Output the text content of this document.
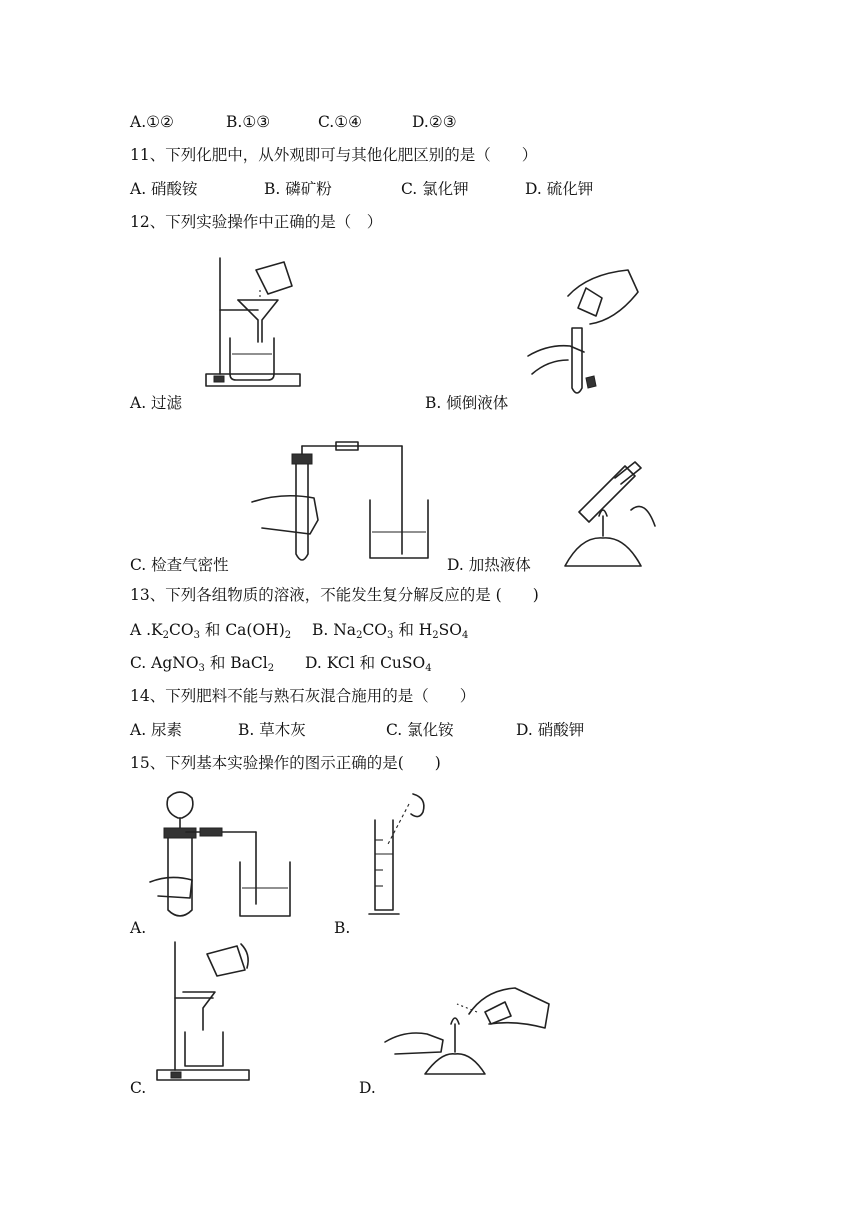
A.①②	B.①③	C.①④	D.②③
11、下列化肥中，从外观即可与其他化肥区别的是（　　）
A. 硝酸铵	B. 磷矿粉	C. 氯化钾	D. 硫化钾
12、下列实验操作中正确的是（　）
A. 过滤	B. 倾倒液体
C. 检查气密性	D. 加热液体
13、下列各组物质的溶液，不能发生复分解反应的是 (　　)
A $.K_2CO_3$ 和 $Ca(OH)_2$ B. $Na_2CO_3$ 和 $H_2SO_4$
C. AgNO$_3$ 和 BaCl$_2$ D. KCl 和 CuSO$_4$
14、下列肥料不能与熟石灰混合施用的是（　　）
A. 尿素	B. 草木灰	C. 氯化铵	D. 硝酸钾
15、下列基本实验操作的图示正确的是(　　)
A.	B.
C.	D.
